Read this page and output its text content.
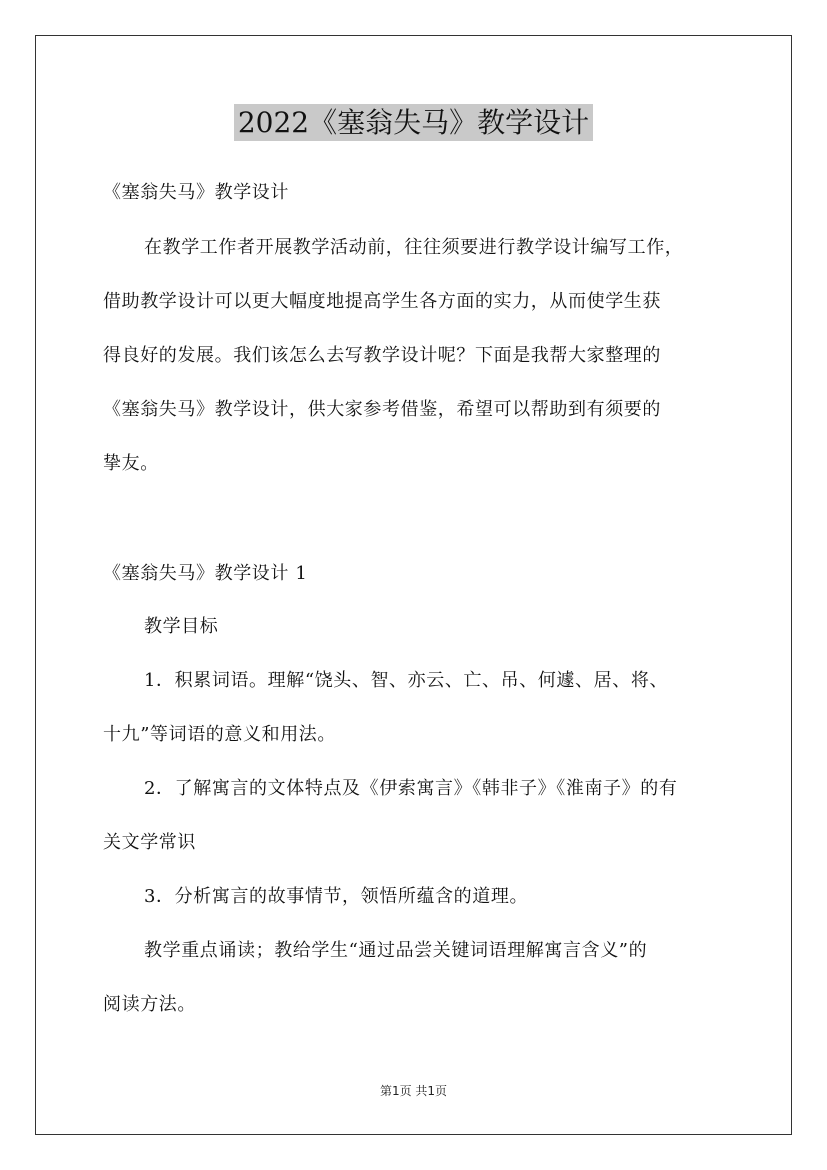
2022《塞翁失马》教学设计
《塞翁失马》教学设计
在教学工作者开展教学活动前，往往须要进行教学设计编写工作，
借助教学设计可以更大幅度地提高学生各方面的实力，从而使学生获
得良好的发展。我们该怎么去写教学设计呢？下面是我帮大家整理的
《塞翁失马》教学设计，供大家参考借鉴，希望可以帮助到有须要的
挚友。
《塞翁失马》教学设计 1
教学目标
1．积累词语。理解“饶头、智、亦云、亡、吊、何遽、居、将、
十九”等词语的意义和用法。
2．了解寓言的文体特点及《伊索寓言》《韩非子》《淮南子》的有
关文学常识
3．分析寓言的故事情节，领悟所蕴含的道理。
教学重点诵读；教给学生“通过品尝关键词语理解寓言含义”的
阅读方法。
第1页 共1页
